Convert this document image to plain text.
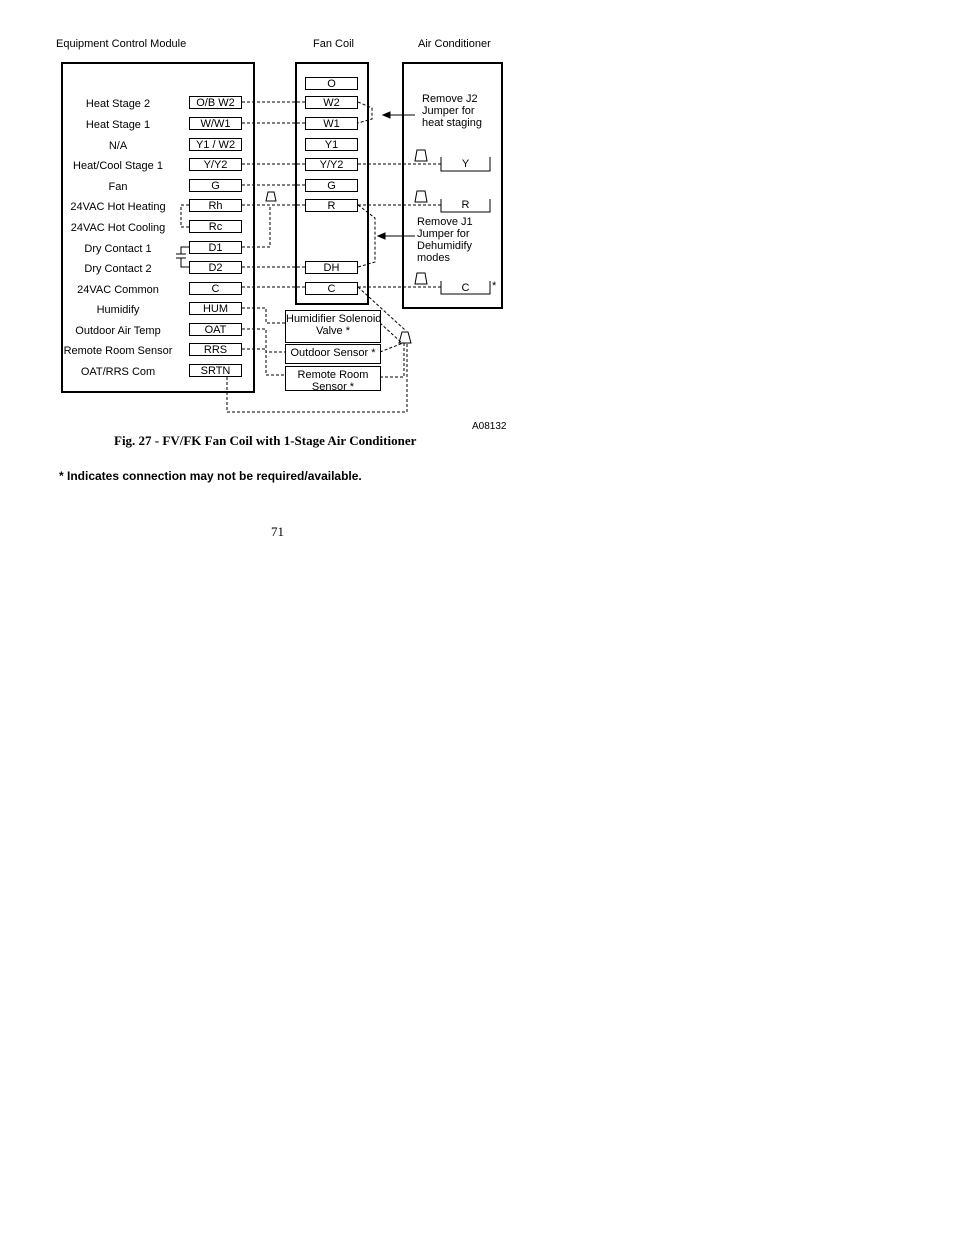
Equipment Control Module	Fan Coil	Air Conditioner
Heat Stage 2	O/B W2
Heat Stage 1	W/W1
N/A	Y1 / W2
Heat/Cool Stage 1	Y/Y2
Fan	G
24VAC Hot Heating	Rh
24VAC Hot Cooling	Rc
Dry Contact 1	D1
Dry Contact 2	D2
24VAC Common	C
Humidify	HUM
Outdoor Air Temp	OAT
Remote Room Sensor	RRS
OAT/RRS Com	SRTN
O
W2
W1
Y1
Y/Y2
G
R
DH
C
Y
R
C	*
Remove J2
Jumper for
heat staging
Remove J1
Jumper for
Dehumidify
modes
Humidifier Solenoid
Valve *
Outdoor Sensor *
Remote Room
Sensor *
A08132
Fig. 27 - FV/FK Fan Coil with 1-Stage Air Conditioner
* Indicates connection may not be required/available.
71
